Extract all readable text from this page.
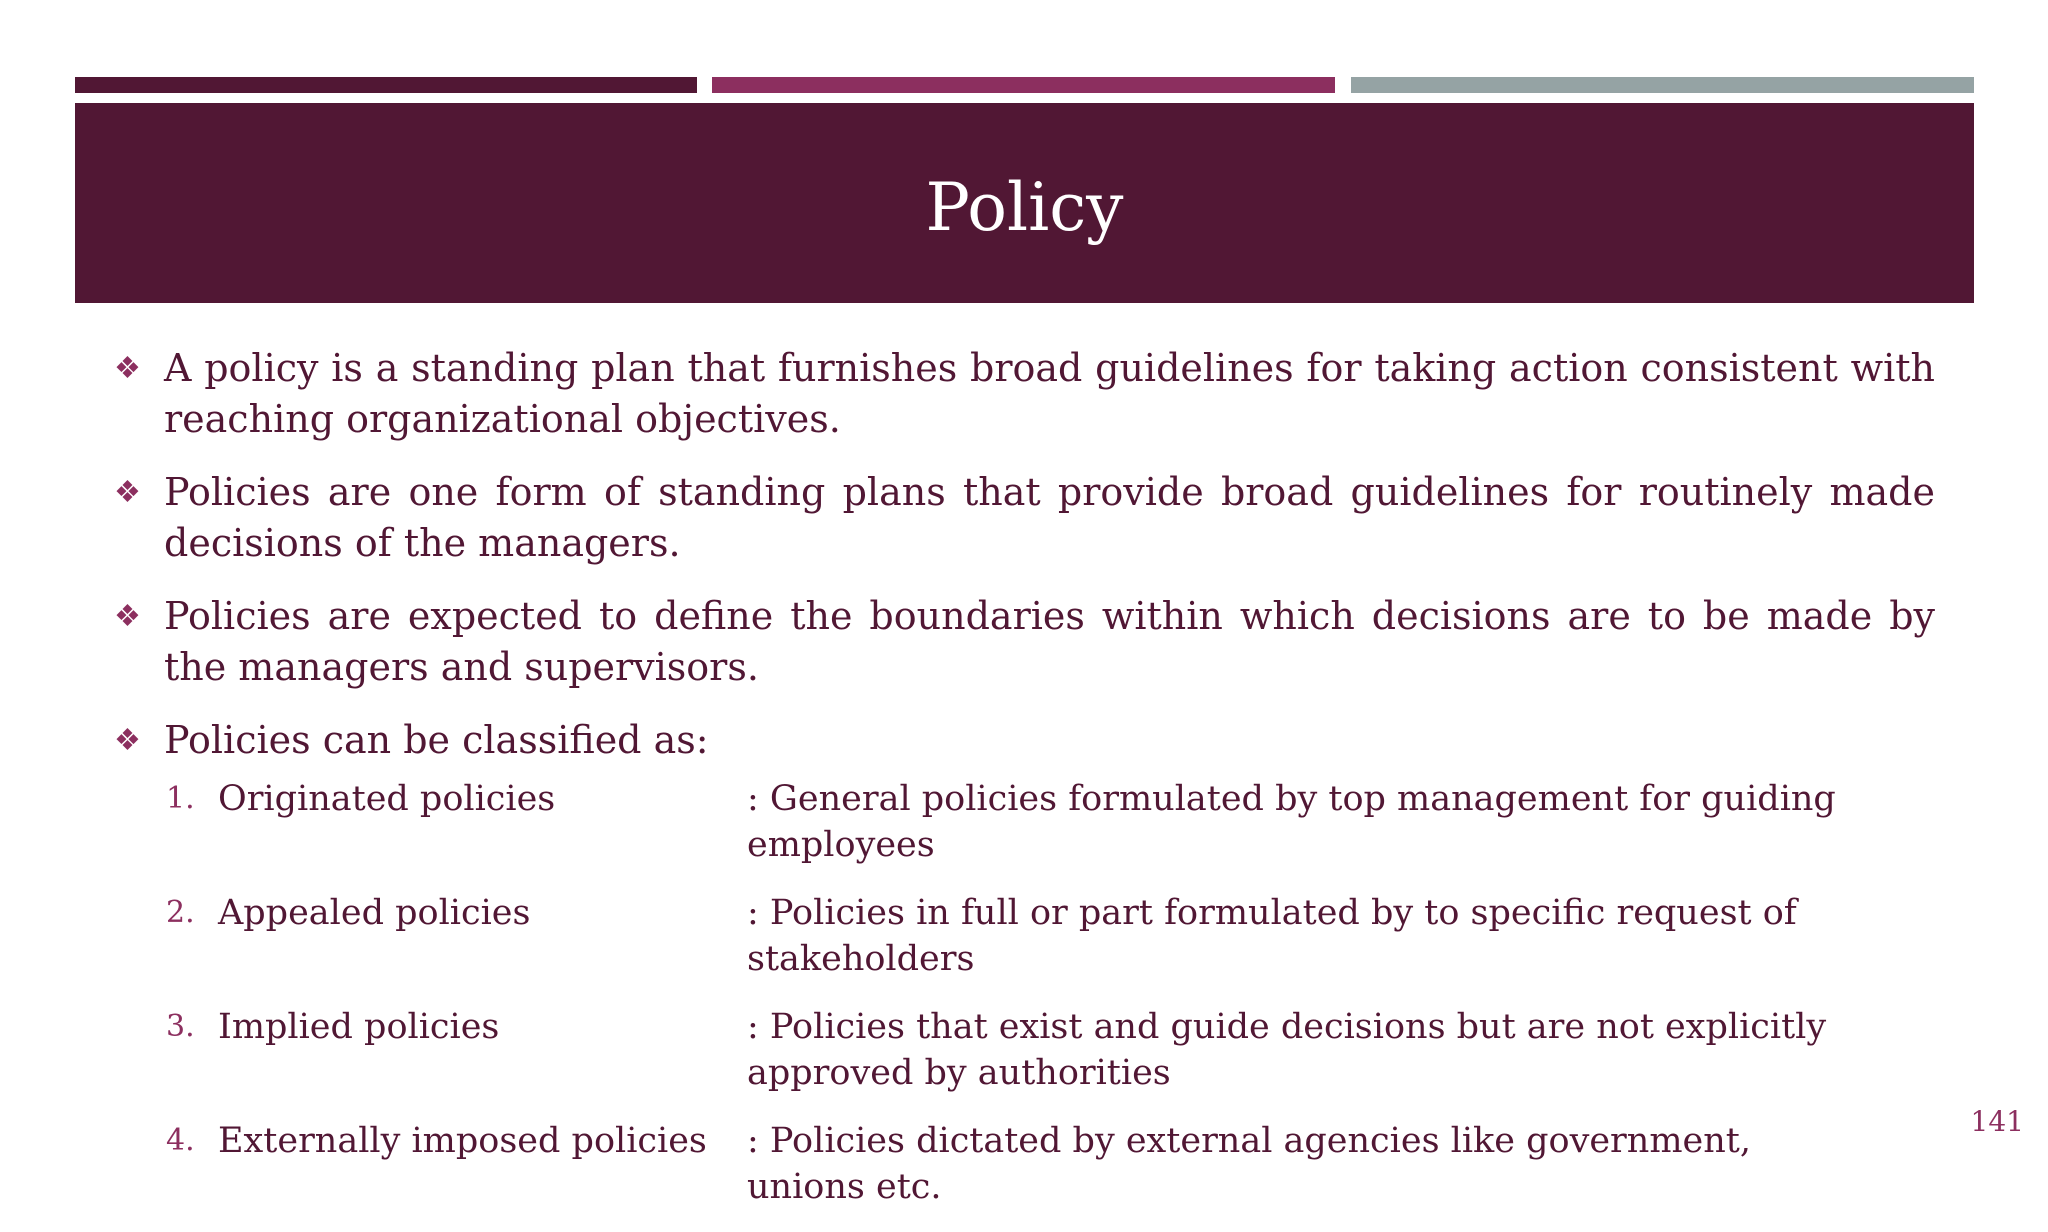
Policy
❖ A policy is a standing plan that furnishes broad guidelines for taking action consistent with reaching organizational objectives.
❖ Policies are one form of standing plans that provide broad guidelines for routinely made decisions of the managers.
❖ Policies are expected to define the boundaries within which decisions are to be made by the managers and supervisors.
❖ Policies can be classified as:
1. Originated policies	: General policies formulated by top management for guiding employees
2. Appealed policies	: Policies in full or part formulated by to specific request of stakeholders
3. Implied policies	: Policies that exist and guide decisions but are not explicitly approved by authorities
4. Externally imposed policies	: Policies dictated by external agencies like government, unions etc.
141
